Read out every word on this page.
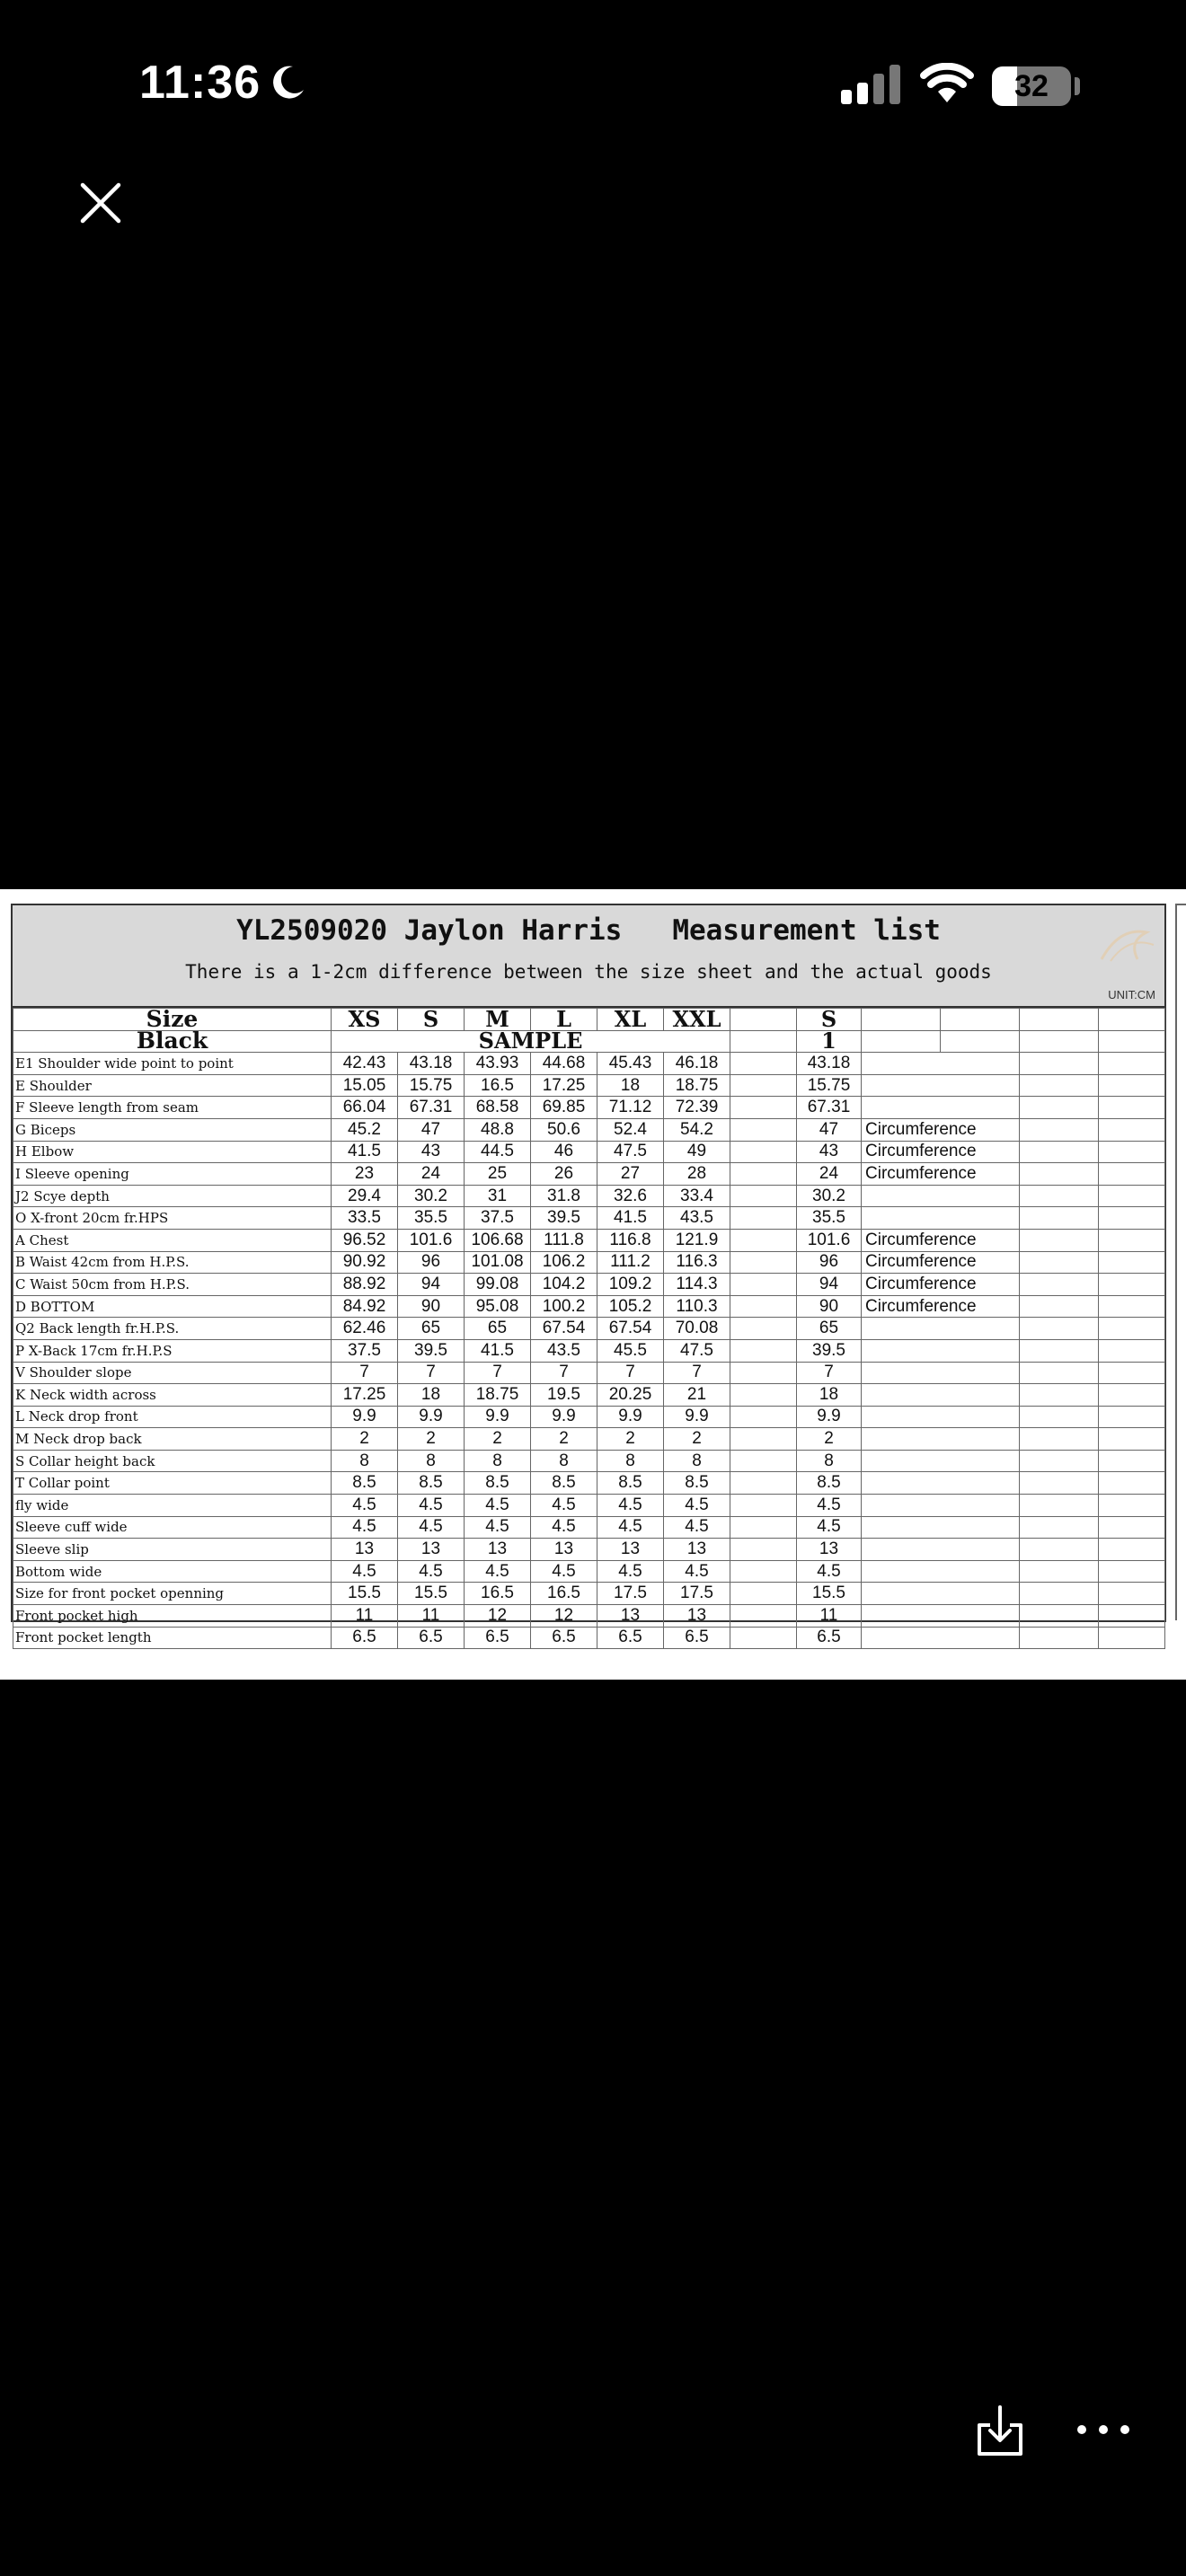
11:36	32
YL2509020 Jaylon Harris   Measurement list
There is a 1-2cm difference between the size sheet and the actual goods
UNIT:CM
Size	XS	S	M	L	XL	XXL		S				
Black	SAMPLE							1				
E1 Shoulder wide point to point	42.43	43.18	43.93	44.68	45.43	46.18		43.18				
E Shoulder	15.05	15.75	16.5	17.25	18	18.75		15.75				
F Sleeve length from seam	66.04	67.31	68.58	69.85	71.12	72.39		67.31				
G Biceps	45.2	47	48.8	50.6	52.4	54.2		47	Circumference			
H Elbow	41.5	43	44.5	46	47.5	49		43	Circumference			
I Sleeve opening	23	24	25	26	27	28		24	Circumference			
J2 Scye depth	29.4	30.2	31	31.8	32.6	33.4		30.2				
O X-front 20cm fr.HPS	33.5	35.5	37.5	39.5	41.5	43.5		35.5				
A Chest	96.52	101.6	106.68	111.8	116.8	121.9		101.6	Circumference			
B Waist 42cm from H.P.S.	90.92	96	101.08	106.2	111.2	116.3		96	Circumference			
C Waist 50cm from H.P.S.	88.92	94	99.08	104.2	109.2	114.3		94	Circumference			
D BOTTOM	84.92	90	95.08	100.2	105.2	110.3		90	Circumference			
Q2 Back length fr.H.P.S.	62.46	65	65	67.54	67.54	70.08		65				
P X-Back 17cm fr.H.P.S	37.5	39.5	41.5	43.5	45.5	47.5		39.5				
V Shoulder slope	7	7	7	7	7	7		7				
K Neck width across	17.25	18	18.75	19.5	20.25	21		18				
L Neck drop front	9.9	9.9	9.9	9.9	9.9	9.9		9.9				
M Neck drop back	2	2	2	2	2	2		2				
S Collar height back	8	8	8	8	8	8		8				
T Collar point	8.5	8.5	8.5	8.5	8.5	8.5		8.5				
fly wide	4.5	4.5	4.5	4.5	4.5	4.5		4.5				
Sleeve cuff wide	4.5	4.5	4.5	4.5	4.5	4.5		4.5				
Sleeve slip	13	13	13	13	13	13		13				
Bottom wide	4.5	4.5	4.5	4.5	4.5	4.5		4.5				
Size for front pocket openning	15.5	15.5	16.5	16.5	17.5	17.5		15.5				
Front pocket high	11	11	12	12	13	13		11				
Front pocket length	6.5	6.5	6.5	6.5	6.5	6.5		6.5				
